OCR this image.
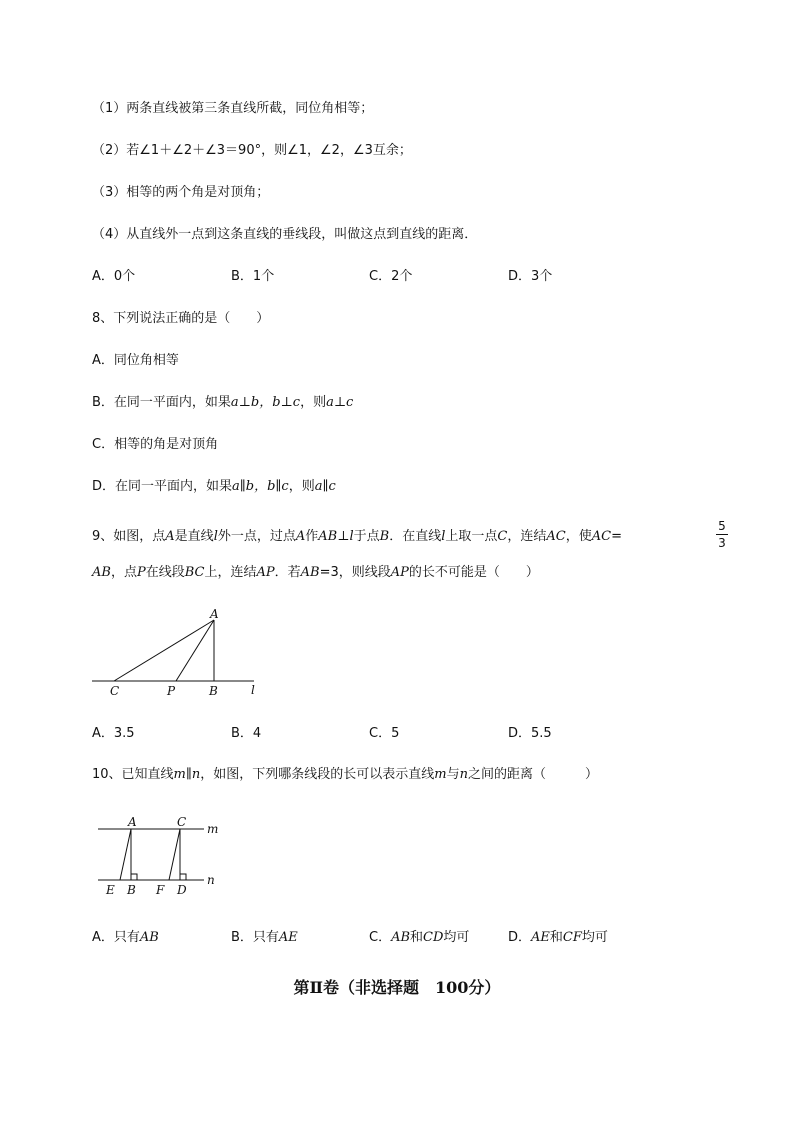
（1）两条直线被第三条直线所截，同位角相等；
（2）若∠1＋∠2＋∠3＝90°，则∠1，∠2，∠3互余；
（3）相等的两个角是对顶角；
（4）从直线外一点到这条直线的垂线段，叫做这点到直线的距离．
A．0个	B．1个	C．2个	D．3个
8、下列说法正确的是（　　）
A．同位角相等
B．在同一平面内，如果a⊥b，b⊥c，则a⊥c
C．相等的角是对顶角
D．在同一平面内，如果a∥b，b∥c，则a∥c
9、如图，点A是直线l外一点，过点A作AB⊥l于点B．在直线l上取一点C，连结AC，使AC=
5
3
AB，点P在线段BC上，连结AP．若AB=3，则线段AP的长不可能是（　　）
A
C	P	B	l
A．3.5	B．4	C．5	D．5.5
10、已知直线m∥n，如图，下列哪条线段的长可以表示直线m与n之间的距离（　　　）
A	C m
n
E B F D
A．只有AB	B．只有AE	C．AB和CD均可	D．AE和CF均可
第Ⅱ卷（非选择题　100分）
